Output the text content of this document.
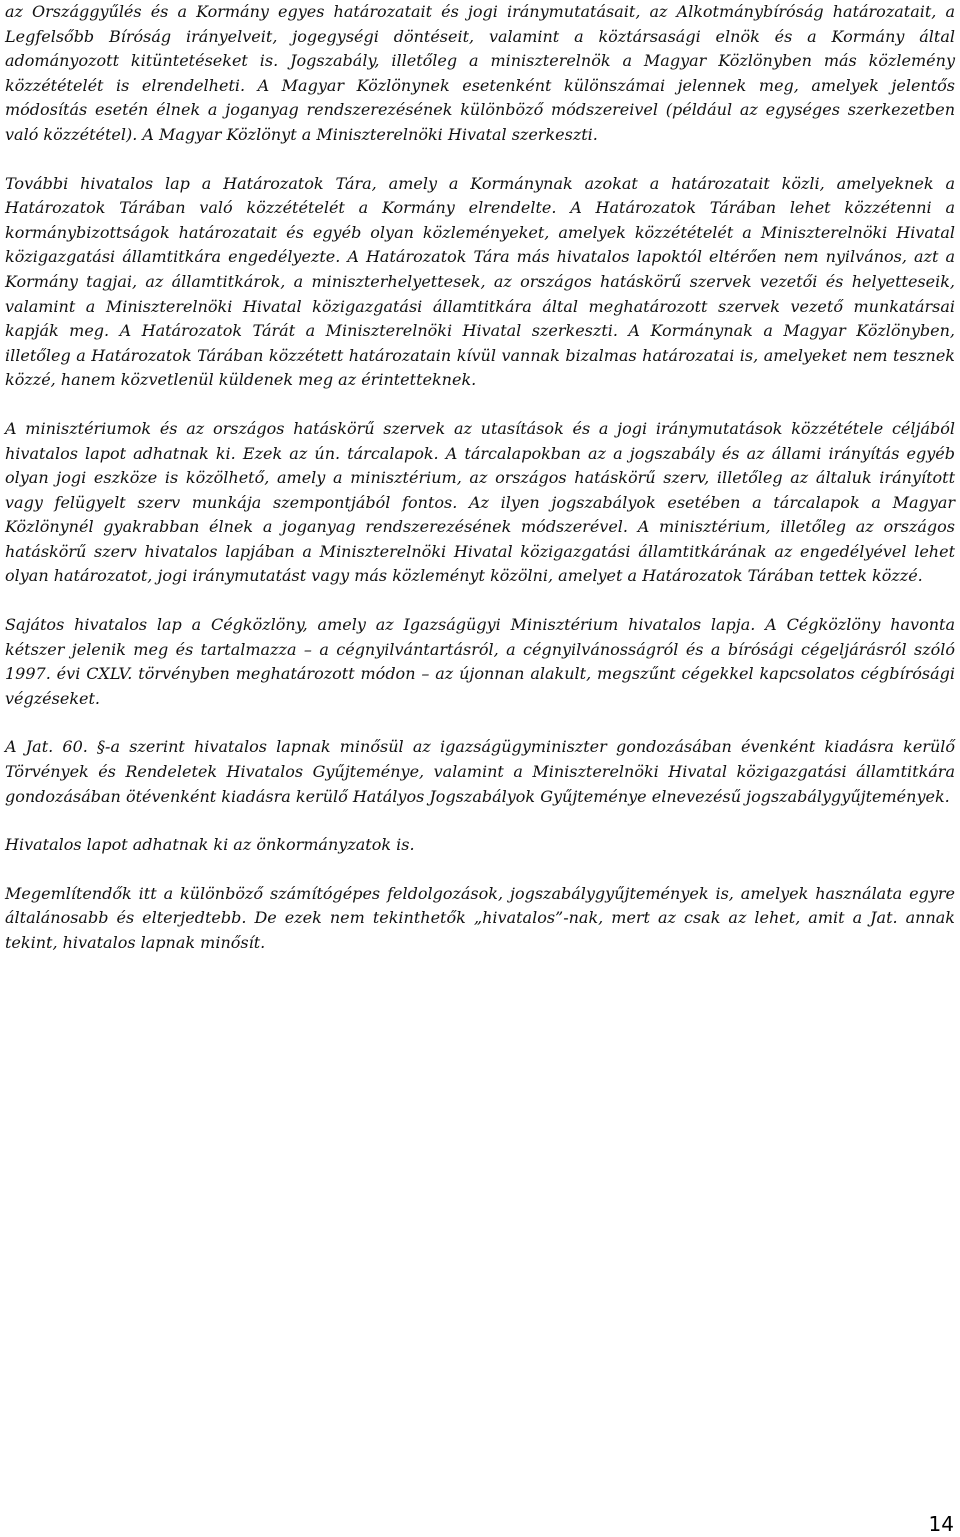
az Országgyűlés és a Kormány egyes határozatait és jogi iránymutatásait, az Alkotmánybíróság határozatait, a Legfelsőbb Bíróság irányelveit, jogegységi döntéseit, valamint a köztársasági elnök és a Kormány által adományozott kitüntetéseket is. Jogszabály, illetőleg a miniszterelnök a Magyar Közlönyben más közlemény közzétételét is elrendelheti. A Magyar Közlönynek esetenként különszámai jelennek meg, amelyek jelentős módosítás esetén élnek a joganyag rendszerezésének különböző módszereivel (például az egységes szerkezetben való közzététel). A Magyar Közlönyt a Miniszterelnöki Hivatal szerkeszti.

További hivatalos lap a Határozatok Tára, amely a Kormánynak azokat a határozatait közli, amelyeknek a Határozatok Tárában való közzétételét a Kormány elrendelte. A Határozatok Tárában lehet közzétenni a kormánybizottságok határozatait és egyéb olyan közleményeket, amelyek közzétételét a Miniszterelnöki Hivatal közigazgatási államtitkára engedélyezte. A Határozatok Tára más hivatalos lapoktól eltérően nem nyilvános, azt a Kormány tagjai, az államtitkárok, a miniszterhelyettesek, az országos hatáskörű szervek vezetői és helyetteseik, valamint a Miniszterelnöki Hivatal közigazgatási államtitkára által meghatározott szervek vezető munkatársai kapják meg. A Határozatok Tárát a Miniszterelnöki Hivatal szerkeszti. A Kormánynak a Magyar Közlönyben, illetőleg a Határozatok Tárában közzétett határozatain kívül vannak bizalmas határozatai is, amelyeket nem tesznek közzé, hanem közvetlenül küldenek meg az érintetteknek.

A minisztériumok és az országos hatáskörű szervek az utasítások és a jogi iránymutatások közzétételе céljából hivatalos lapot adhatnak ki. Ezek az ún. tárcalapok. A tárcalapokban az a jogszabály és az állami irányítás egyéb olyan jogi eszköze is közölhető, amely a minisztérium, az országos hatáskörű szerv, illetőleg az általuk irányított vagy felügyelt szerv munkája szempontjából fontos. Az ilyen jogszabályok esetében a tárcalapok a Magyar Közlönynél gyakrabban élnek a joganyag rendszerezésének módszerével. A minisztérium, illetőleg az országos hatáskörű szerv hivatalos lapjában a Miniszterelnöki Hivatal közigazgatási államtitkárának az engedélyével lehet olyan határozatot, jogi iránymutatást vagy más közleményt közölni, amelyet a Határozatok Tárában tettek közzé.

Sajátos hivatalos lap a Cégközlöny, amely az Igazságügyi Minisztérium hivatalos lapja. A Cégközlöny havonta kétszer jelenik meg és tartalmazza – a cégnyilvántartásról, a cégnyilvánosságról és a bírósági cégeljárásról szóló 1997. évi CXLV. törvényben meghatározott módon – az újonnan alakult, megszűnt cégekkel kapcsolatos cégbírósági végzéseket.

A Jat. 60. §-a szerint hivatalos lapnak minősül az igazságügyminiszter gondozásában évenként kiadásra kerülő Törvények és Rendeletek Hivatalos Gyűjteménye, valamint a Miniszterelnöki Hivatal közigazgatási államtitkára gondozásában ötévenként kiadásra kerülő Hatályos Jogszabályok Gyűjteménye elnevezésű jogszabálygyűjtemények.

Hivatalos lapot adhatnak ki az önkormányzatok is.

Megemlítendők itt a különböző számítógépes feldolgozások, jogszabálygyűjtemények is, amelyek használata egyre általánosabb és elterjedtebb. De ezek nem tekinthetők „hivatalos”-nak, mert az csak az lehet, amit a Jat. annak tekint, hivatalos lapnak minősít.

14
